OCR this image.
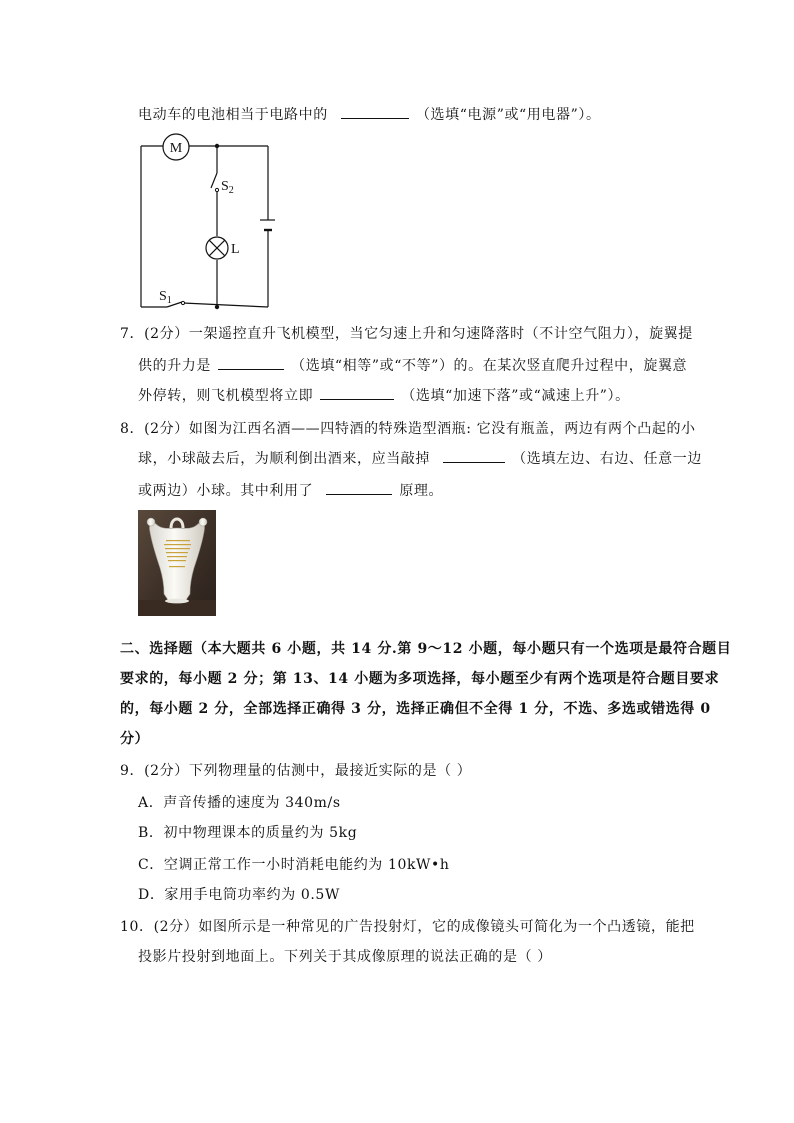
电动车的电池相当于电路中的	（选填“电源”或“用电器”）。
M
$S_2$
L
$S_1$
7．(2分）一架遥控直升飞机模型，当它匀速上升和匀速降落时（不计空气阻力），旋翼提
供的升力是	（选填“相等”或“不等”）的。在某次竖直爬升过程中，旋翼意
外停转，则飞机模型将立即	（选填“加速下落”或“减速上升”）。
8．(2分）如图为江西名酒——四特酒的特殊造型酒瓶: 它没有瓶盖，两边有两个凸起的小
球，小球敲去后，为顺利倒出酒来，应当敲掉	（选填左边、右边、任意一边
或两边）小球。其中利用了	原理。
二、选择题（本大题共 6 小题，共 14 分.第 9～12 小题，每小题只有一个选项是最符合题目
要求的，每小题 2 分；第 13、14 小题为多项选择，每小题至少有两个选项是符合题目要求
的，每小题 2 分，全部选择正确得 3 分，选择正确但不全得 1 分，不选、多选或错选得 0
分）
9．(2分）下列物理量的估测中，最接近实际的是（ ）
A．声音传播的速度为 340m/s
B．初中物理课本的质量约为 5kg
C．空调正常工作一小时消耗电能约为 10kW•h
D．家用手电筒功率约为 0.5W
10．(2分）如图所示是一种常见的广告投射灯，它的成像镜头可简化为一个凸透镜，能把
投影片投射到地面上。下列关于其成像原理的说法正确的是（ ）
